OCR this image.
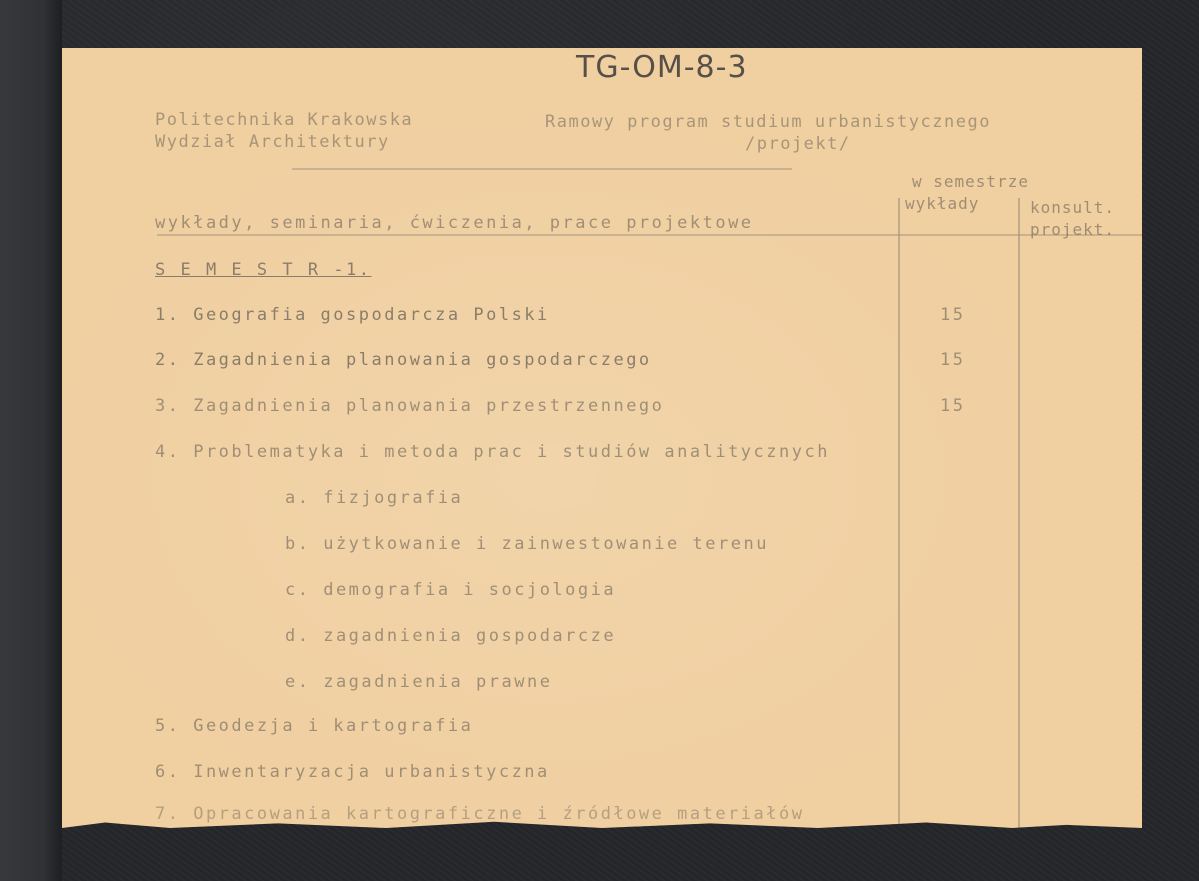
TG-OM-8-3
Politechnika Krakowska
Wydział Architektury
Ramowy program studium urbanistycznego
/projekt/
w semestrze
wykłady	konsult.
projekt.
wykłady, seminaria, ćwiczenia, prace projektowe
S E M E S T R -1.
1. Geografia gospodarcza Polski	15
2. Zagadnienia planowania gospodarczego	15
3. Zagadnienia planowania przestrzennego	15
4. Problematyka i metoda prac i studiów analitycznych
a. fizjografia
b. użytkowanie i zainwestowanie terenu
c. demografia i socjologia
d. zagadnienia gospodarcze
e. zagadnienia prawne
5. Geodezja i kartografia
6. Inwentaryzacja urbanistyczna
7. Opracowania kartograficzne i źródłowe materiałów
